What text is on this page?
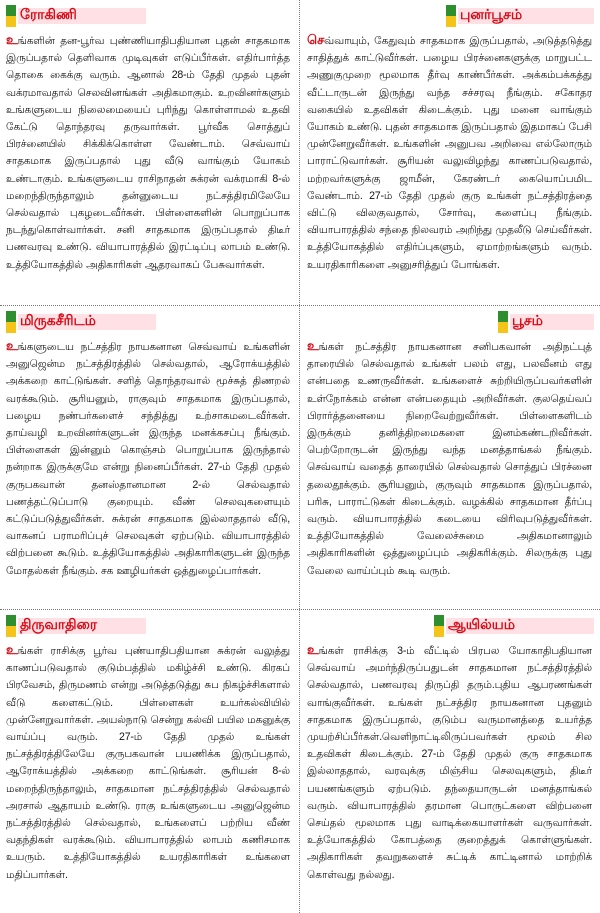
ரோகிணி

உங்களின் தன-பூர்வ புண்ணியாதிபதியான புதன் சாதகமாக இருப்பதால் தெளிவாக முடிவுகள் எடுப்பீர்கள். எதிர்பார்த்த தொகை கைக்கு வரும். ஆனால் 28-ம் தேதி முதல் புதன் வக்ரமாவதால் செலவினங்கள் அதிகமாகும். உறவினர்களும் உங்களுடைய நிலைமையைப் புரிந்து கொள்ளாமல் உதவி கேட்டு தொந்தரவு தருவார்கள். பூர்வீக சொத்துப் பிரச்னையில் சிக்கிக்கொள்ள வேண்டாம். செவ்வாய் சாதகமாக இருப்பதால் புது வீடு வாங்கும் யோகம் உண்டாகும். உங்களுடைய ராசிநாதன் சுக்ரன் வக்ரமாகி 8-ல் மறைந்திருந்தாலும் தன்னுடைய நட்சத்திரமிலேயே செல்வதால் புகழடைவீர்கள். பிள்ளைகளின் பொறுப்பாக நடந்துகொள்வார்கள். சனி சாதகமாக இருப்பதால் திடீர் பணவரவு உண்டு. வியாபாரத்தில் இரட்டிப்பு லாபம் உண்டு. உத்தியோகத்தில் அதிகாரிகள் ஆதரவாகப் பேசுவார்கள்.

புனர்பூசம்

செவ்வாயும், கேதுவும் சாதகமாக இருப்பதால், அடுத்தடுத்து சாதித்துக் காட்டுவீர்கள். பழைய பிரச்னைகளுக்கு மாறுபட்ட அணுகுமுறை மூலமாக தீர்வு காண்பீர்கள். அக்கம்பக்கத்து வீட்டாருடன் இருந்து வந்த சச்சரவு நீங்கும். சகோதர வகையில் உதவிகள் கிடைக்கும். புது மனை வாங்கும் யோகம் உண்டு. புதன் சாதகமாக இருப்பதால் இதமாகப் பேசி முன்னேறுவீர்கள். உங்களின் அனுபவ அறிவை எல்லோரும் பாராட்டுவார்கள். சூரியன் வலுவிழந்து காணப்படுவதால், மற்றவர்களுக்கு ஜாமீன், கேரண்டர் கையொப்பமிட வேண்டாம். 27-ம் தேதி முதல் குரு உங்கள் நட்சத்திரத்தை விட்டு விலகுவதால், சோர்வு, களைப்பு நீங்கும். வியாபாரத்தில் சந்தை நிலவரம் அறிந்து முதலீடு செய்வீர்கள். உத்தியோகத்தில் எதிர்ப்புகளும், ஏமாற்றங்களும் வரும். உயரதிகாரிகளை அனுசரித்துப் போங்கள்.

மிருகசீரிடம்

உங்களுடைய நட்சத்திர நாயகனான செவ்வாய் உங்களின் அனுஜென்ம நட்சத்திரத்தில் செல்வதால், ஆரோக்யத்தில் அக்கறை காட்டுங்கள். சளித் தொந்தரவால் மூச்சுத் திணறல் வரக்கூடும். சூரியனும், ராகுவும் சாதகமாக இருப்பதால், பழைய நண்பர்களைச் சந்தித்து உற்சாகமடைவீர்கள். தாய்வழி உறவினர்களுடன் இருந்த மனக்கசப்பு நீங்கும். பிள்ளைகள் இன்னும் கொஞ்சம் பொறுப்பாக இருந்தால் நன்றாக இருக்குமே என்று நினைப்பீர்கள். 27-ம் தேதி முதல் குருபகவான் தனஸ்தானமான 2-ல் செல்வதால் பணத்தட்டுப்பாடு குறையும். வீண் செலவுகளையும் கட்டுப்படுத்துவீர்கள். சுக்ரன் சாதகமாக இல்லாததால் வீடு, வாகனப் பராமரிப்புச் செலவுகள் ஏற்படும். வியாபாரத்தில் விற்பனை கூடும். உத்தியோகத்தில் அதிகாரிகளுடன் இருந்த மோதல்கள் நீங்கும். சக ஊழியர்கள் ஒத்துழைப்பார்கள்.

பூசம்

உங்கள் நட்சத்திர நாயகனான சனிபகவான் அதிநட்புத் தாரையில் செல்வதால் உங்கள் பலம் எது, பலவீனம் எது என்பதை உணருவீர்கள். உங்களைச் சுற்றியிருப்பவர்களின் உள்நோக்கம் என்ன என்பதையும் அறிவீர்கள். குலதெய்வப் பிரார்த்தனையை நிறைவேற்றுவீர்கள். பிள்ளைகளிடம் இருக்கும் தனித்திறமைகளை இனம்கண்டறிவீர்கள். பெற்றோருடன் இருந்து வந்த மனத்தாங்கல் நீங்கும். செவ்வாய் வதைத் தாரையில் செல்வதால் சொத்துப் பிரச்னை தலைதூக்கும். சூரியனும், குருவும் சாதகமாக இருப்பதால், பரிசு, பாராட்டுகள் கிடைக்கும். வழக்கில் சாதகமான தீர்ப்பு வரும். வியாபாரத்தில் கடையை விரிவுபடுத்துவீர்கள். உத்தியோகத்தில் வேலைச்சுமை அதிகமானாலும் அதிகாரிகளின் ஒத்துழைப்பும் அதிகரிக்கும். சிலருக்கு புது வேலை வாய்ப்பும் கூடி வரும்.

திருவாதிரை

உங்கள் ராசிக்கு பூர்வ புண்யாதிபதியான சுக்ரன் வலுத்து காணப்படுவதால் குடும்பத்தில் மகிழ்ச்சி உண்டு. கிரகப் பிரவேசம், திருமணம் என்று அடுத்தடுத்து சுப நிகழ்ச்சிகளால் வீடு களைகட்டும். பிள்ளைகள் உயர்கல்வியில் முன்னேறுவார்கள். அயல்நாடு சென்று கல்வி பயில மகனுக்கு வாய்ப்பு வரும். 27-ம் தேதி முதல் உங்கள் நட்சத்திரத்திலேயே குருபகவான் பயணிக்க இருப்பதால், ஆரோக்யத்தில் அக்கறை காட்டுங்கள். சூரியன் 8-ல் மறைந்திருந்தாலும், சாதகமான நட்சத்திரத்தில் செல்வதால் அரசால் ஆதாயம் உண்டு. ராகு உங்களுடைய அனுஜென்ம நட்சத்திரத்தில் செல்வதால், உங்களைப் பற்றிய வீண் வதந்திகள் வரக்கூடும். வியாபாரத்தில் லாபம் கணிசமாக உயரும். உத்தியோகத்தில் உயரதிகாரிகள் உங்களை மதிப்பார்கள்.

ஆயில்யம்

உங்கள் ராசிக்கு 3-ம் வீட்டில் பிரபல யோகாதிபதியான செவ்வாய் அமர்ந்திருப்பதுடன் சாதகமான நட்சத்திரத்தில் செல்வதால், பணவரவு திருப்தி தரும்.புதிய ஆபரணங்கள் வாங்குவீர்கள். உங்கள் நட்சத்திர நாயகனான புதனும் சாதகமாக இருப்பதால், குடும்ப வருமானத்தை உயர்த்த முயற்சிப்பீர்கள்.வெளிநாட்டிலிருப்பவர்கள் மூலம் சில உதவிகள் கிடைக்கும். 27-ம் தேதி முதல் குரு சாதகமாக இல்லாததால், வரவுக்கு மிஞ்சிய செலவுகளும், திடீர் பயணங்களும் ஏற்படும். தந்தையாருடன் மனத்தாங்கல் வரும். வியாபாரத்தில் தரமான பொருட்களை விற்பனை செய்தல் மூலமாக புது வாடிக்கையாளர்கள் வருவார்கள். உத்யோகத்தில் கோபத்தை குறைத்துக் கொள்ளுங்கள். அதிகாரிகள் தவறுகளைச் சுட்டிக் காட்டினால் மாற்றிக் கொள்வது நல்லது.
